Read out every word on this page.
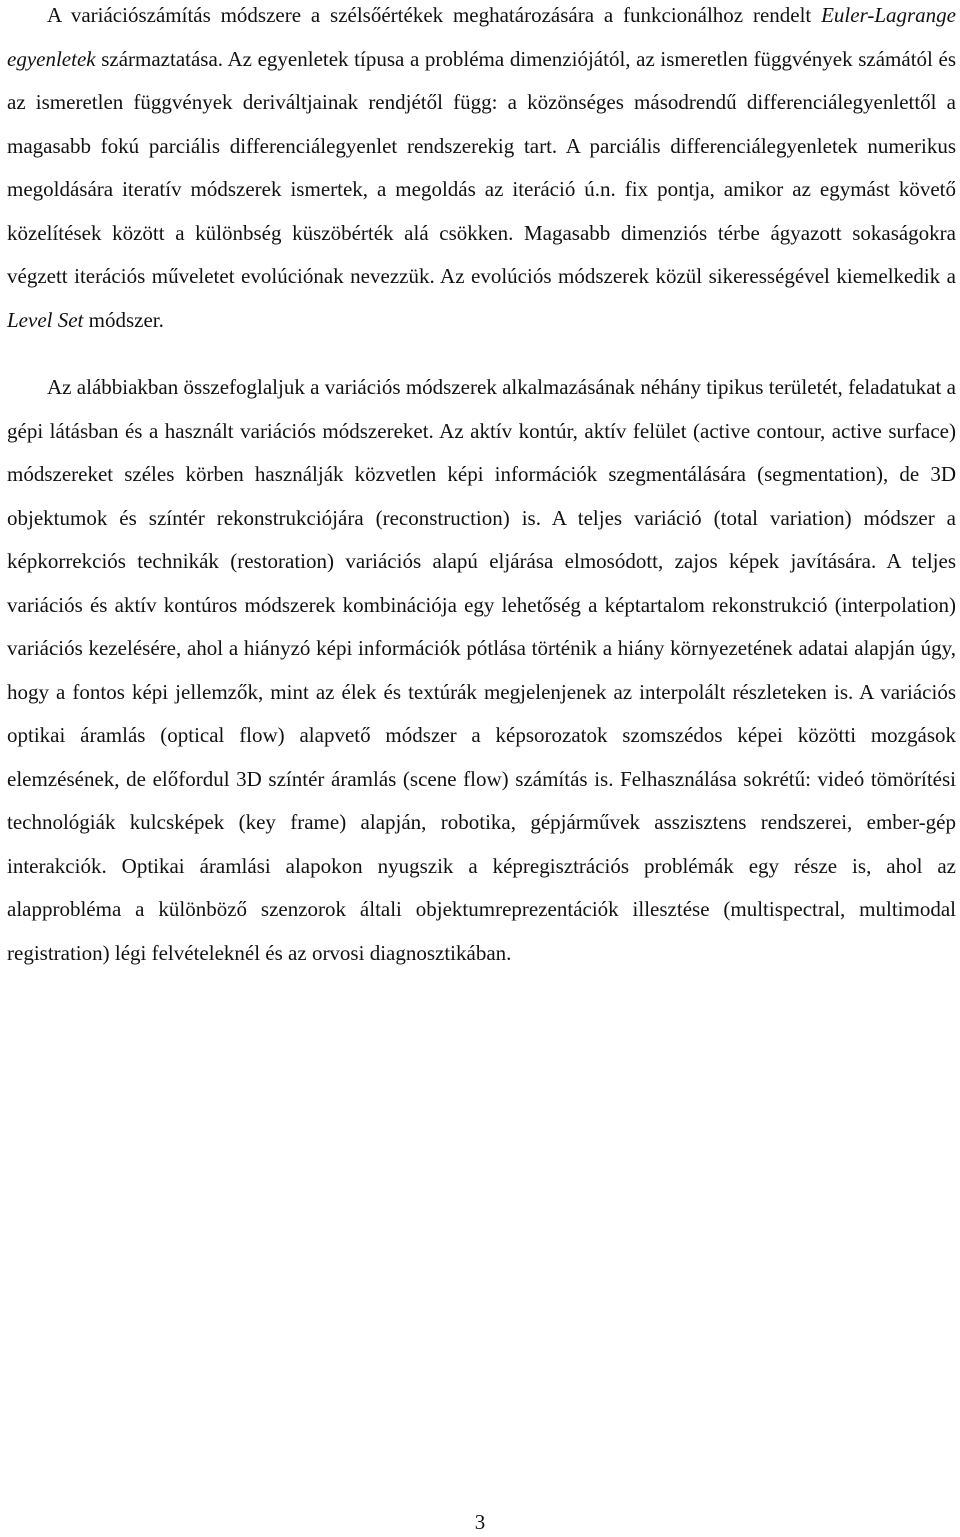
A variációszámítás módszere a szélsőértékek meghatározására a funkcionálhoz rendelt Euler-Lagrange egyenletek származtatása. Az egyenletek típusa a probléma dimenziójától, az ismeretlen függvények számától és az ismeretlen függvények deriváltjainak rendjétől függ: a közönséges másodrendű differenciálegyenlettől a magasabb fokú parciális differenciálegyenlet rendszerekig tart. A parciális differenciálegyenletek numerikus megoldására iteratív módszerek ismertek, a megoldás az iteráció ú.n. fix pontja, amikor az egymást követő közelítések között a különbség küszöbérték alá csökken. Magasabb dimenziós térbe ágyazott sokaságokra végzett iterációs műveletet evolúciónak nevezzük. Az evolúciós módszerek közül sikerességével kiemelkedik a Level Set módszer.

Az alábbiakban összefoglaljuk a variációs módszerek alkalmazásának néhány tipikus területét, feladatukat a gépi látásban és a használt variációs módszereket. Az aktív kontúr, aktív felület (active contour, active surface) módszereket széles körben használják közvetlen képi információk szegmentálására (segmentation), de 3D objektumok és színtér rekonstrukciójára (reconstruction) is. A teljes variáció (total variation) módszer a képkorrekciós technikák (restoration) variációs alapú eljárása elmosódott, zajos képek javítására. A teljes variációs és aktív kontúros módszerek kombinációja egy lehetőség a képtartalom rekonstrukció (interpolation) variációs kezelésére, ahol a hiányzó képi információk pótlása történik a hiány környezetének adatai alapján úgy, hogy a fontos képi jellemzők, mint az élek és textúrák megjelenjenek az interpolált részleteken is. A variációs optikai áramlás (optical flow) alapvető módszer a képsorozatok szomszédos képei közötti mozgások elemzésének, de előfordul 3D színtér áramlás (scene flow) számítás is. Felhasználása sokrétű: videó tömörítési technológiák kulcsképek (key frame) alapján, robotika, gépjárművek asszisztens rendszerei, ember-gép interakciók. Optikai áramlási alapokon nyugszik a képregisztrációs problémák egy része is, ahol az alapprobléma a különböző szenzorok általi objektumreprezentációk illesztése (multispectral, multimodal registration) légi felvételeknél és az orvosi diagnosztikában.

3
